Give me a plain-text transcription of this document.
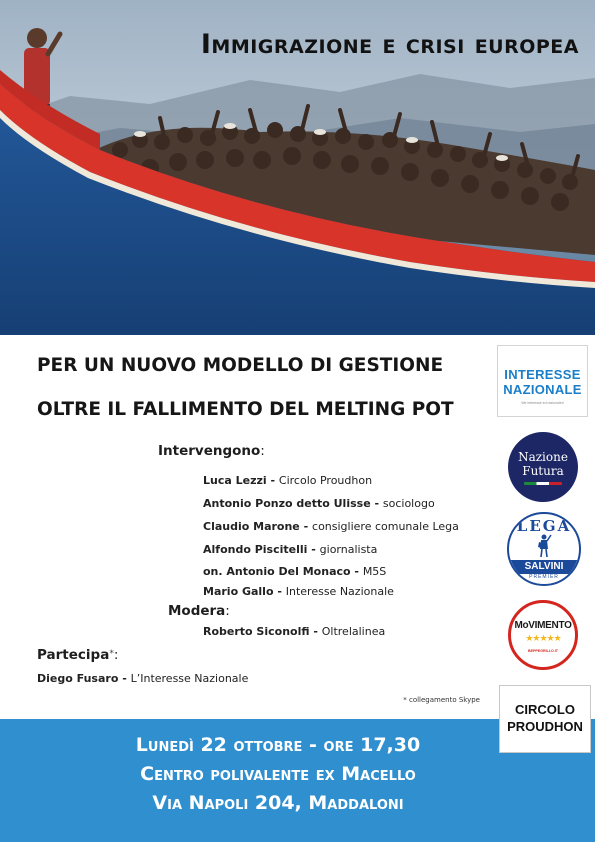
Immigrazione e crisi europea

PER UN NUOVO MODELLO DI GESTIONE

OLTRE IL FALLIMENTO DEL MELTING POT

Intervengono:

Luca Lezzi - Circolo Proudhon

Antonio Ponzo detto Ulisse - sociologo

Claudio Marone - consigliere comunale Lega

Alfondo Piscitelli - giornalista

on. Antonio Del Monaco - M5S

Mario Gallo - Interesse Nazionale

Modera:

Roberto Siconolfi - Oltrelalinea

Partecipa*:

Diego Fusaro - L’Interesse Nazionale

* collegamento Skype

INTERESSE
NAZIONALE
We interesse ed razionaleri
Nazione
Futura
LEGA
SALVINI
PREMIER
MoVIMENTO
★★★★★
BEPPEGRILLO.IT

Lunedì 22 ottobre - ore 17,30

Centro polivalente ex Macello

Via Napoli 204, Maddaloni

CIRCOLO
PROUDHON
